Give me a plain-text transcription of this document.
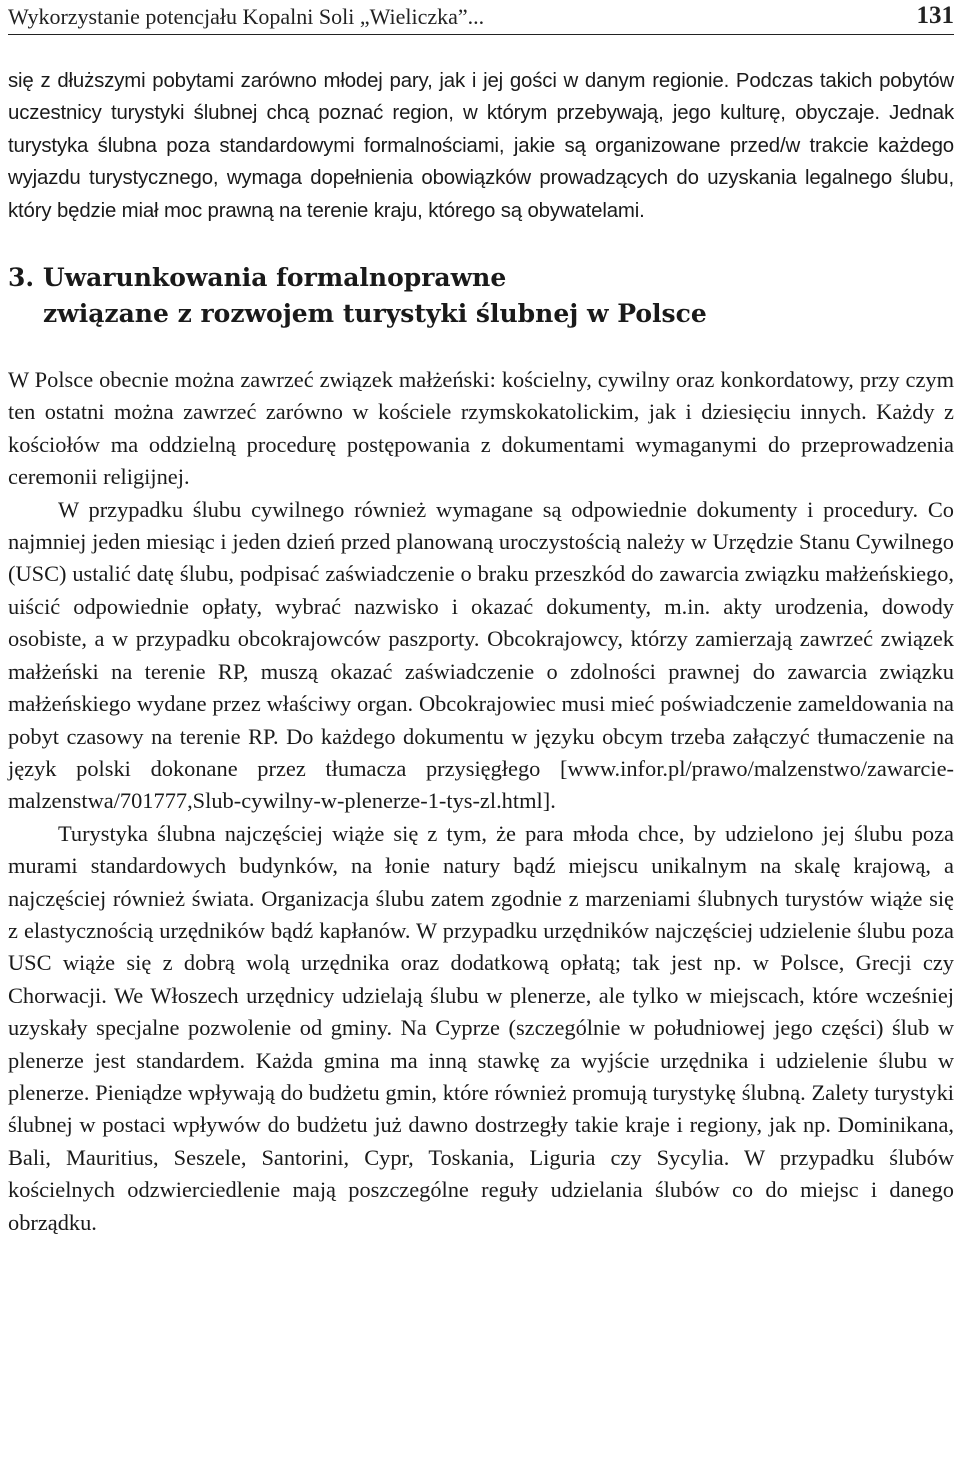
Wykorzystanie potencjału Kopalni Soli „Wieliczka”...	131

się z dłuższymi pobytami zarówno młodej pary, jak i jej gości w danym regionie. Podczas takich pobytów uczestnicy turystyki ślubnej chcą poznać region, w którym przebywają, jego kulturę, obyczaje. Jednak turystyka ślubna poza standardowymi formalnościami, jakie są organizowane przed/w trakcie każdego wyjazdu turystycznego, wymaga dopełnienia obowiązków prowadzących do uzyskania legalnego ślubu, który będzie miał moc prawną na terenie kraju, którego są obywatelami.

3. Uwarunkowania formalnoprawne
związane z rozwojem turystyki ślubnej w Polsce

W Polsce obecnie można zawrzeć związek małżeński: kościelny, cywilny oraz konkordatowy, przy czym ten ostatni można zawrzeć zarówno w kościele rzymskokatolickim, jak i dziesięciu innych. Każdy z kościołów ma oddzielną procedurę postępowania z dokumentami wymaganymi do przeprowadzenia ceremonii religijnej.

W przypadku ślubu cywilnego również wymagane są odpowiednie dokumenty i procedury. Co najmniej jeden miesiąc i jeden dzień przed planowaną uroczystością należy w Urzędzie Stanu Cywilnego (USC) ustalić datę ślubu, podpisać zaświadczenie o braku przeszkód do zawarcia związku małżeńskiego, uiścić odpowiednie opłaty, wybrać nazwisko i okazać dokumenty, m.in. akty urodzenia, dowody osobiste, a w przypadku obcokrajowców paszporty. Obcokrajowcy, którzy zamierzają zawrzeć związek małżeński na terenie RP, muszą okazać zaświadczenie o zdolności prawnej do zawarcia związku małżeńskiego wydane przez właściwy organ. Obcokrajowiec musi mieć poświadczenie zameldowania na pobyt czasowy na terenie RP. Do każdego dokumentu w języku obcym trzeba załączyć tłumaczenie na język polski dokonane przez tłumacza przysięgłego [www.infor.pl/prawo/malzenstwo/zawarcie-malzenstwa/701777,Slub-cywilny-w-plenerze-1-tys-zl.html].

Turystyka ślubna najczęściej wiąże się z tym, że para młoda chce, by udzielono jej ślubu poza murami standardowych budynków, na łonie natury bądź miejscu unikalnym na skalę krajową, a najczęściej również świata. Organizacja ślubu zatem zgodnie z marzeniami ślubnych turystów wiąże się z elastycznością urzędników bądź kapłanów. W przypadku urzędników najczęściej udzielenie ślubu poza USC wiąże się z dobrą wolą urzędnika oraz dodatkową opłatą; tak jest np. w Polsce, Grecji czy Chorwacji. We Włoszech urzędnicy udzielają ślubu w plenerze, ale tylko w miejscach, które wcześniej uzyskały specjalne pozwolenie od gminy. Na Cyprze (szczególnie w południowej jego części) ślub w plenerze jest standardem. Każda gmina ma inną stawkę za wyjście urzędnika i udzielenie ślubu w plenerze. Pieniądze wpływają do budżetu gmin, które również promują turystykę ślubną. Zalety turystyki ślubnej w postaci wpływów do budżetu już dawno dostrzegły takie kraje i regiony, jak np. Dominikana, Bali, Mauritius, Seszele, Santorini, Cypr, Toskania, Liguria czy Sycylia. W przypadku ślubów kościelnych odzwierciedlenie mają poszczególne reguły udzielania ślubów co do miejsc i danego obrządku.
